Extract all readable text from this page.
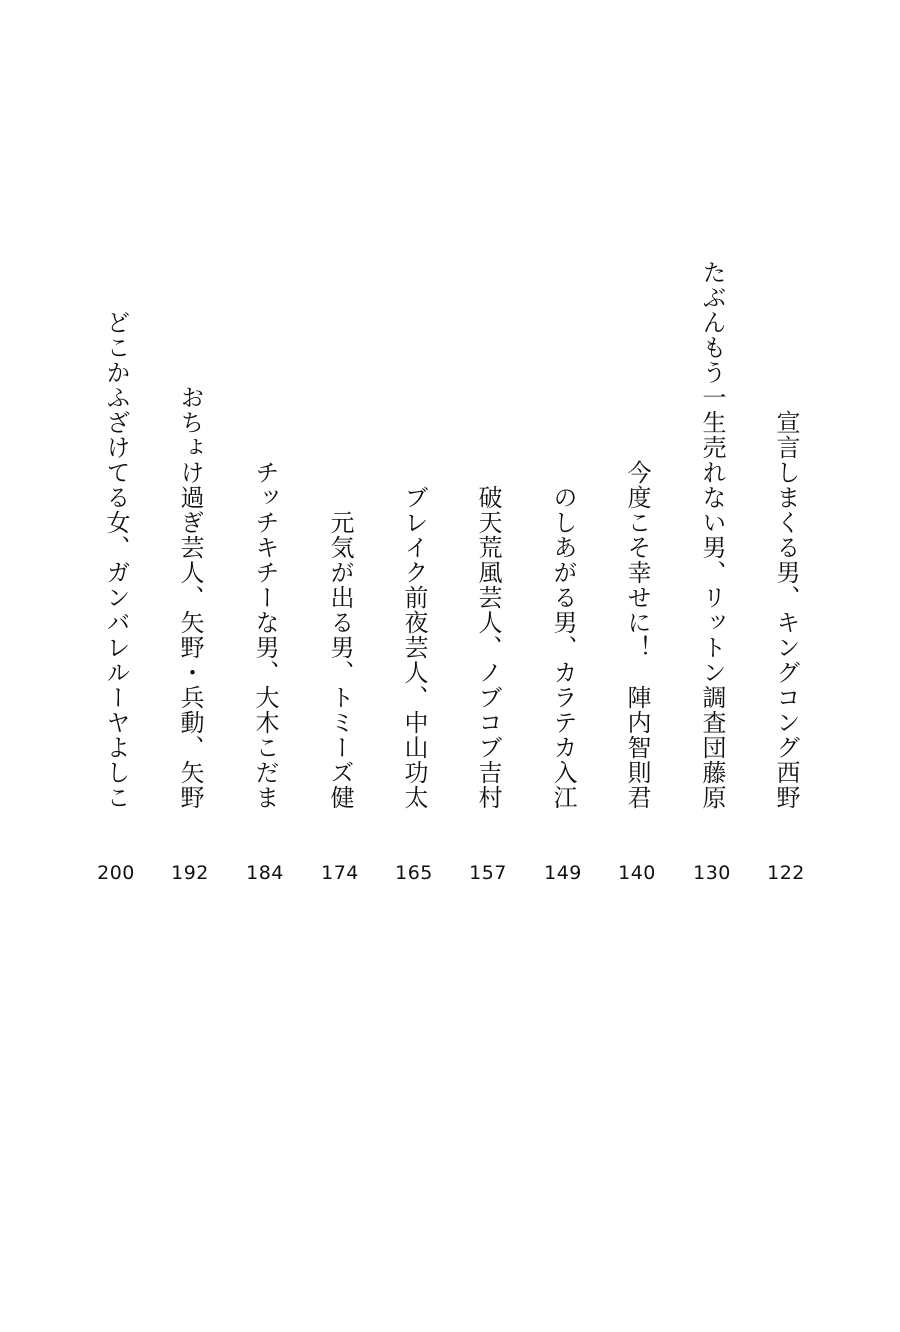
宣言しまくる男、キングコング西野
122
たぶんもう一生売れない男、リットン調査団藤原
130
今度こそ幸せに！　陣内智則君
140
のしあがる男、カラテカ入江
149
破天荒風芸人、ノブコブ吉村
157
ブレイク前夜芸人、中山功太
165
元気が出る男、トミーズ健
174
チッチキチーな男、大木こだま
184
おちょけ過ぎ芸人、矢野・兵動、矢野
192
どこかふざけてる女、ガンバレルーヤよしこ
200
